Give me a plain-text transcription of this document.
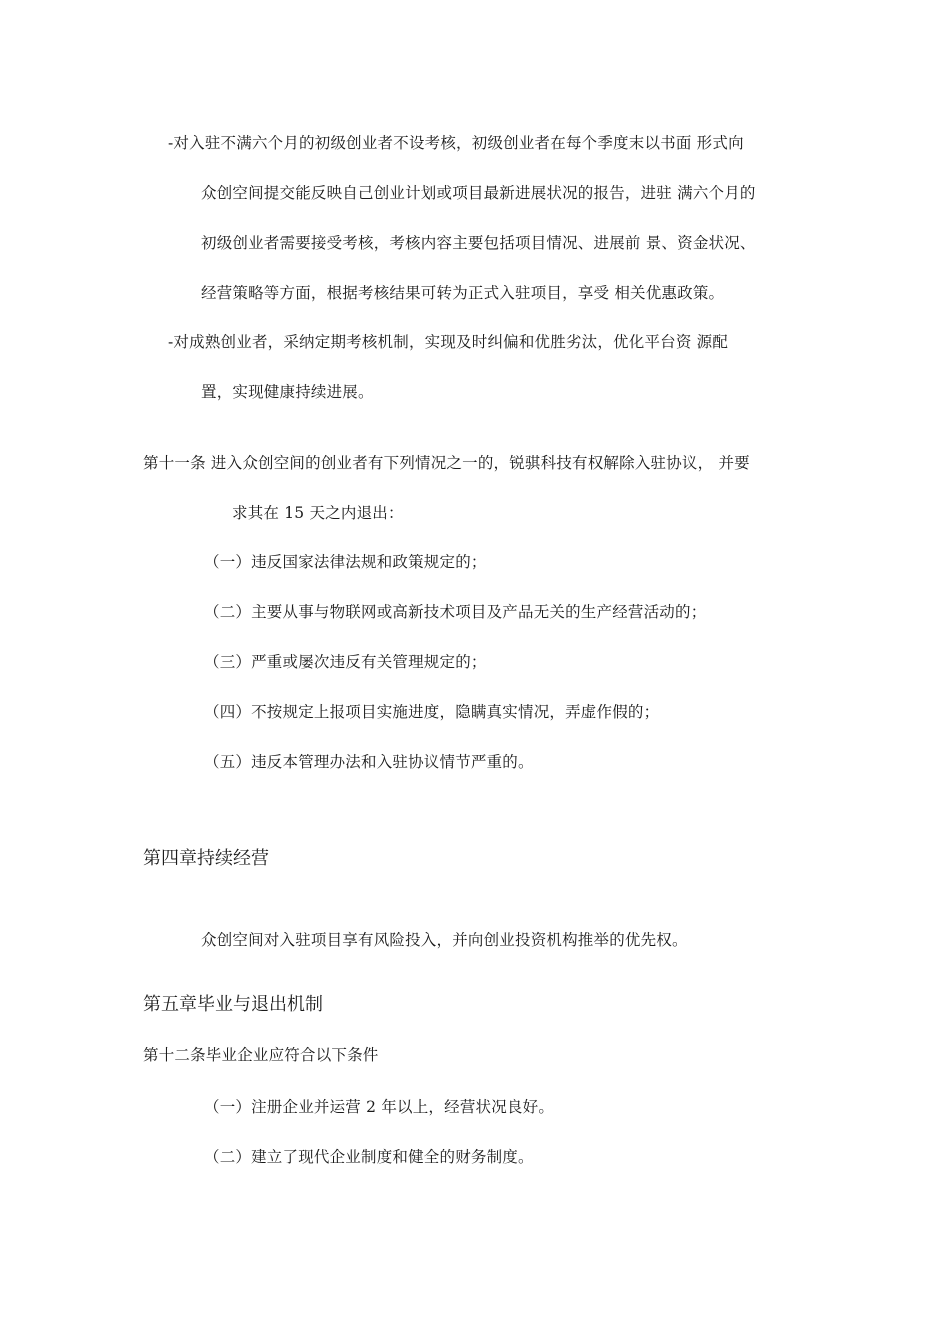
-对入驻不满六个月的初级创业者不设考核，初级创业者在每个季度末以书面 形式向
众创空间提交能反映自己创业计划或项目最新进展状况的报告，进驻 满六个月的
初级创业者需要接受考核，考核内容主要包括项目情况、进展前 景、资金状况、
经营策略等方面，根据考核结果可转为正式入驻项目，享受 相关优惠政策。
-对成熟创业者，采纳定期考核机制，实现及时纠偏和优胜劣汰，优化平台资 源配
置，实现健康持续进展。
第十一条 进入众创空间的创业者有下列情况之一的，锐骐科技有权解除入驻协议， 并要
求其在 15 天之内退出：
（一）违反国家法律法规和政策规定的；
（二）主要从事与物联网或高新技术项目及产品无关的生产经营活动的；
（三）严重或屡次违反有关管理规定的；
（四）不按规定上报项目实施进度，隐瞒真实情况，弄虚作假的；
（五）违反本管理办法和入驻协议情节严重的。
第四章持续经营
众创空间对入驻项目享有风险投入，并向创业投资机构推举的优先权。
第五章毕业与退出机制
第十二条毕业企业应符合以下条件
（一）注册企业并运营 2 年以上，经营状况良好。
（二）建立了现代企业制度和健全的财务制度。
